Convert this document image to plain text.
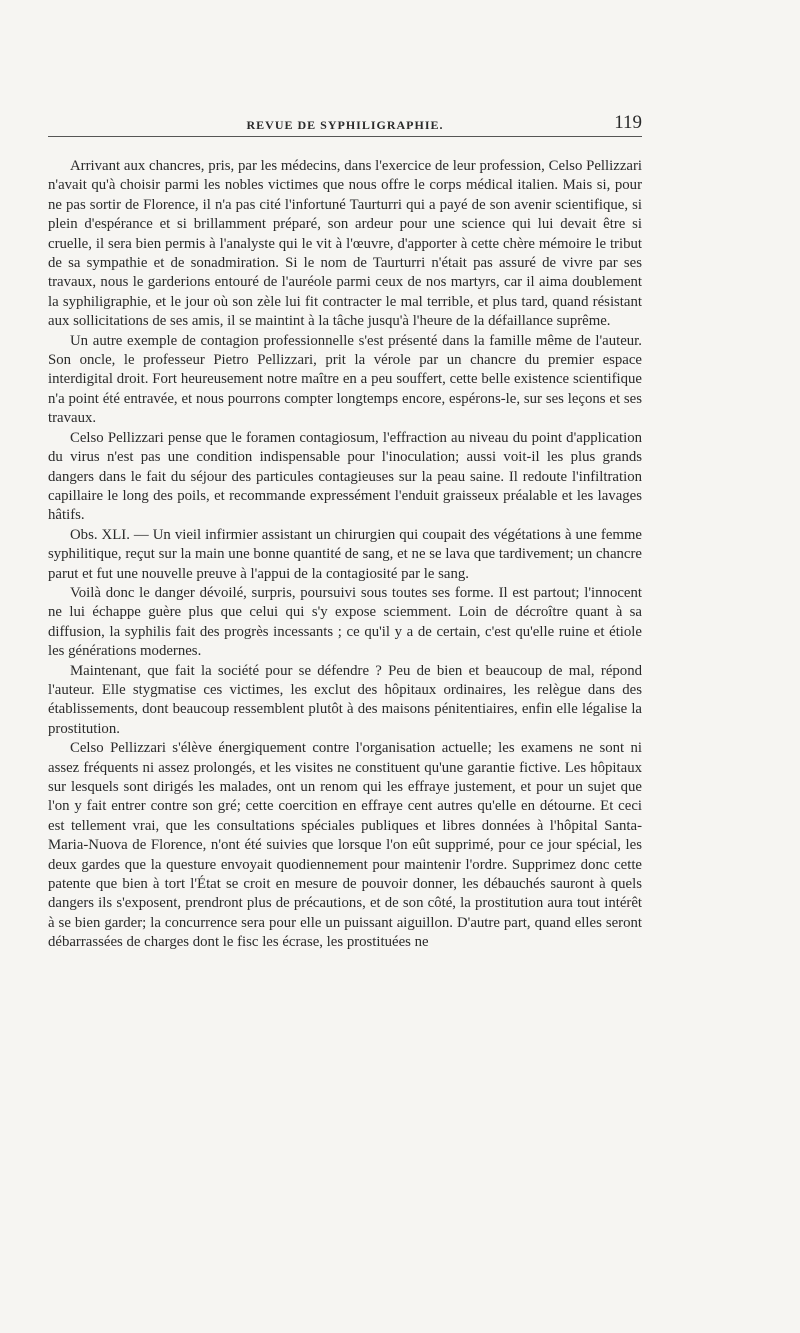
REVUE DE SYPHILIGRAPHIE.	119

Arrivant aux chancres, pris, par les médecins, dans l'exercice de leur profession, Celso Pellizzari n'avait qu'à choisir parmi les nobles victimes que nous offre le corps médical italien. Mais si, pour ne pas sortir de Florence, il n'a pas cité l'infortuné Taurturri qui a payé de son avenir scientifique, si plein d'espérance et si brillamment préparé, son ardeur pour une science qui lui devait être si cruelle, il sera bien permis à l'analyste qui le vit à l'œuvre, d'apporter à cette chère mémoire le tribut de sa sympathie et de sonadmiration. Si le nom de Taurturri n'était pas assuré de vivre par ses travaux, nous le garderions entouré de l'auréole parmi ceux de nos martyrs, car il aima doublement la syphiligraphie, et le jour où son zèle lui fit contracter le mal terrible, et plus tard, quand résistant aux sollicitations de ses amis, il se maintint à la tâche jusqu'à l'heure de la défaillance suprême.

Un autre exemple de contagion professionnelle s'est présenté dans la famille même de l'auteur. Son oncle, le professeur Pietro Pellizzari, prit la vérole par un chancre du premier espace interdigital droit. Fort heureusement notre maître en a peu souffert, cette belle existence scientifique n'a point été entravée, et nous pourrons compter longtemps encore, espérons-le, sur ses leçons et ses travaux.

Celso Pellizzari pense que le foramen contagiosum, l'effraction au niveau du point d'application du virus n'est pas une condition indispensable pour l'inoculation; aussi voit-il les plus grands dangers dans le fait du séjour des particules contagieuses sur la peau saine. Il redoute l'infiltration capillaire le long des poils, et recommande expressément l'enduit graisseux préalable et les lavages hâtifs.

Obs. XLI. — Un vieil infirmier assistant un chirurgien qui coupait des végétations à une femme syphilitique, reçut sur la main une bonne quantité de sang, et ne se lava que tardivement; un chancre parut et fut une nouvelle preuve à l'appui de la contagiosité par le sang.

Voilà donc le danger dévoilé, surpris, poursuivi sous toutes ses forme. Il est partout; l'innocent ne lui échappe guère plus que celui qui s'y expose sciemment. Loin de décroître quant à sa diffusion, la syphilis fait des progrès incessants ; ce qu'il y a de certain, c'est qu'elle ruine et étiole les générations modernes.

Maintenant, que fait la société pour se défendre ? Peu de bien et beaucoup de mal, répond l'auteur. Elle stygmatise ces victimes, les exclut des hôpitaux ordinaires, les relègue dans des établissements, dont beaucoup ressemblent plutôt à des maisons pénitentiaires, enfin elle légalise la prostitution.

Celso Pellizzari s'élève énergiquement contre l'organisation actuelle; les examens ne sont ni assez fréquents ni assez prolongés, et les visites ne constituent qu'une garantie fictive. Les hôpitaux sur lesquels sont dirigés les malades, ont un renom qui les effraye justement, et pour un sujet que l'on y fait entrer contre son gré; cette coercition en effraye cent autres qu'elle en détourne. Et ceci est tellement vrai, que les consultations spéciales publiques et libres données à l'hôpital Santa-Maria-Nuova de Florence, n'ont été suivies que lorsque l'on eût supprimé, pour ce jour spécial, les deux gardes que la questure envoyait quodiennement pour maintenir l'ordre. Supprimez donc cette patente que bien à tort l'État se croit en mesure de pouvoir donner, les débauchés sauront à quels dangers ils s'exposent, prendront plus de précautions, et de son côté, la prostitution aura tout intérêt à se bien garder; la concurrence sera pour elle un puissant aiguillon. D'autre part, quand elles seront débarrassées de charges dont le fisc les écrase, les prostituées ne
